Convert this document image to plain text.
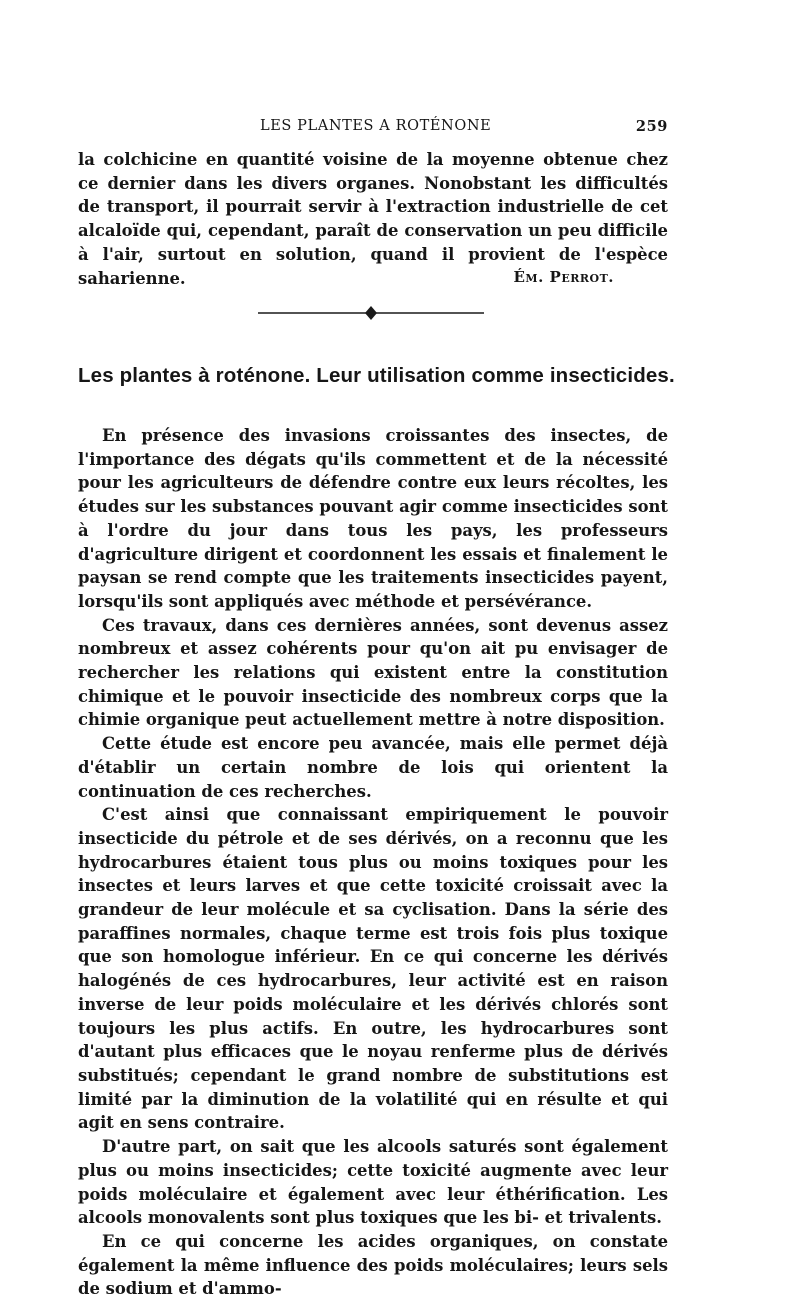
LES PLANTES A ROTÉNONE	259

la colchicine en quantité voisine de la moyenne obtenue chez ce dernier dans les divers organes. Nonobstant les difficultés de transport, il pourrait servir à l'extraction industrielle de cet alcaloïde qui, cependant, paraît de conservation un peu difficile à l'air, surtout en solution, quand il provient de l'espèce saharienne.	Ém. Perrot.
Les plantes à roténone. Leur utilisation comme insecticides.

En présence des invasions croissantes des insectes, de l'importance des dégats qu'ils commettent et de la nécessité pour les agriculteurs de défendre contre eux leurs récoltes, les études sur les substances pouvant agir comme insecticides sont à l'ordre du jour dans tous les pays, les professeurs d'agriculture dirigent et coordonnent les essais et finalement le paysan se rend compte que les traitements insecticides payent, lorsqu'ils sont appliqués avec méthode et persévérance.

Ces travaux, dans ces dernières années, sont devenus assez nombreux et assez cohérents pour qu'on ait pu envisager de rechercher les relations qui existent entre la constitution chimique et le pouvoir insecticide des nombreux corps que la chimie organique peut actuellement mettre à notre disposition.

Cette étude est encore peu avancée, mais elle permet déjà d'établir un certain nombre de lois qui orientent la continuation de ces recherches.

C'est ainsi que connaissant empiriquement le pouvoir insecticide du pétrole et de ses dérivés, on a reconnu que les hydrocarbures étaient tous plus ou moins toxiques pour les insectes et leurs larves et que cette toxicité croissait avec la grandeur de leur molécule et sa cyclisation. Dans la série des paraffines normales, chaque terme est trois fois plus toxique que son homologue inférieur. En ce qui concerne les dérivés halogénés de ces hydrocarbures, leur activité est en raison inverse de leur poids moléculaire et les dérivés chlorés sont toujours les plus actifs. En outre, les hydrocarbures sont d'autant plus efficaces que le noyau renferme plus de dérivés substitués; cependant le grand nombre de substitutions est limité par la diminution de la volatilité qui en résulte et qui agit en sens contraire.

D'autre part, on sait que les alcools saturés sont également plus ou moins insecticides; cette toxicité augmente avec leur poids moléculaire et également avec leur éthérification. Les alcools monovalents sont plus toxiques que les bi- et trivalents.

En ce qui concerne les acides organiques, on constate également la même influence des poids moléculaires; leurs sels de sodium et d'ammo-
